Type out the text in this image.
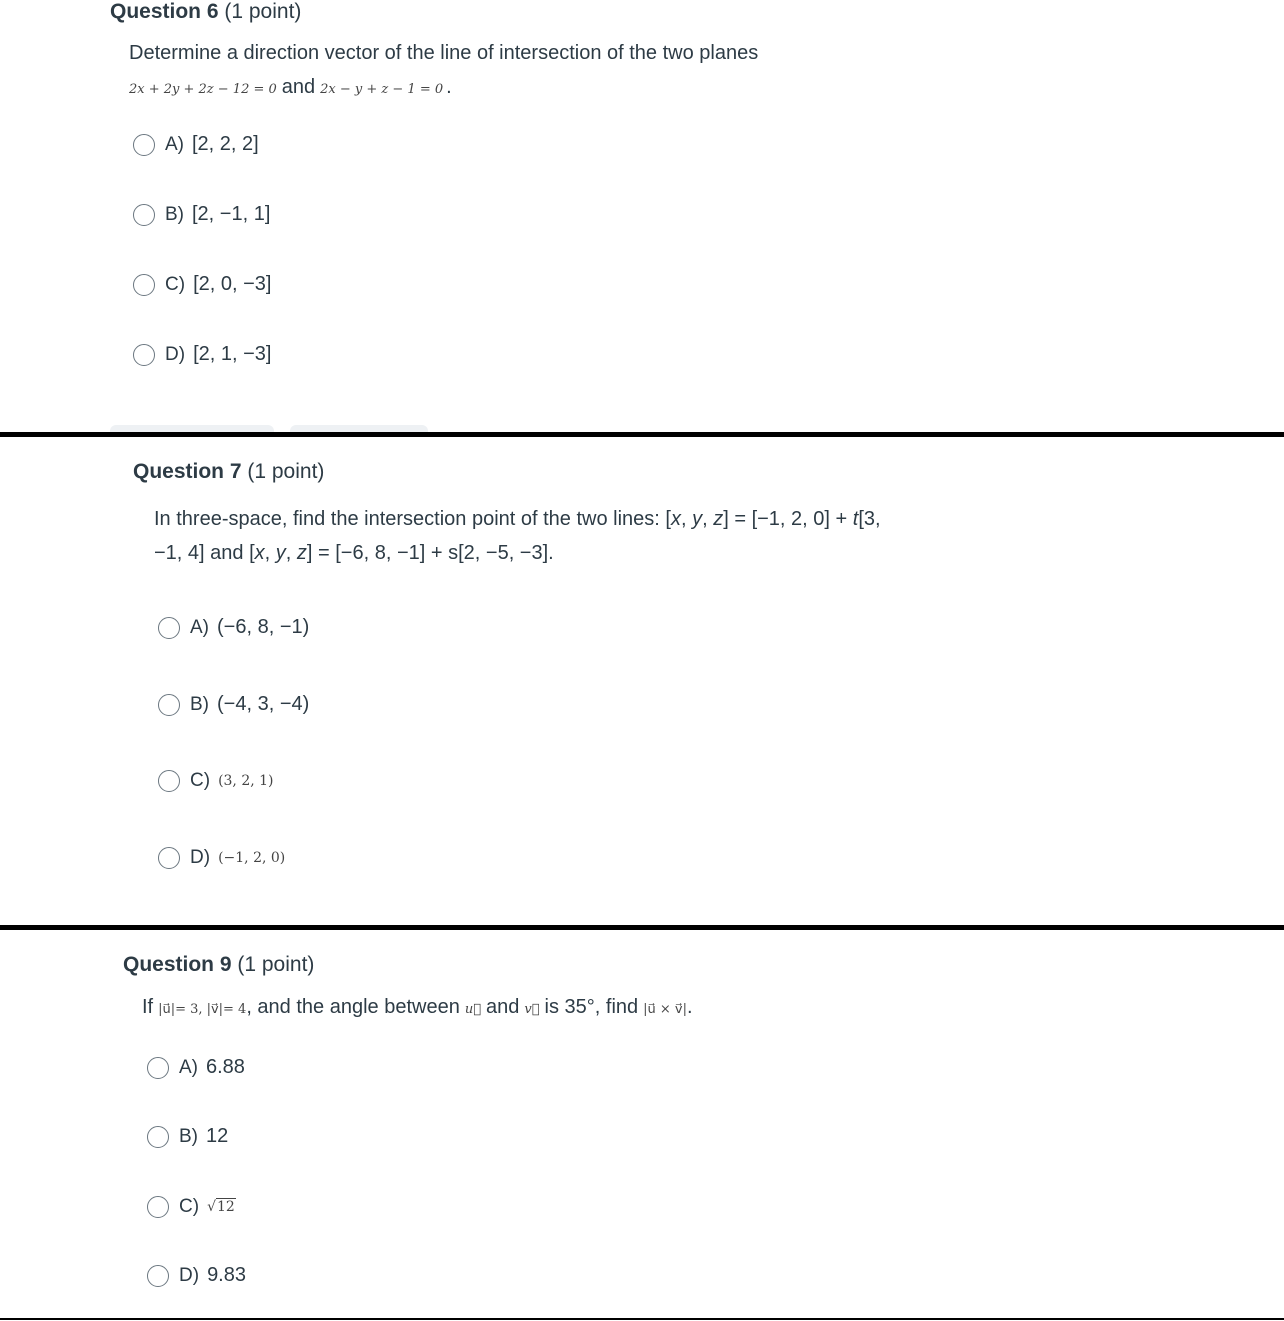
Question 6 (1 point)
Determine a direction vector of the line of intersection of the two planes
2x + 2y + 2z − 12 = 0 and 2x − y + z − 1 = 0 .
A) [2, 2, 2]
B) [2, −1, 1]
C) [2, 0, −3]
D) [2, 1, −3]
Question 7 (1 point)
In three-space, find the intersection point of the two lines: [x, y, z] = [−1, 2, 0] + t[3,
−1, 4] and [x, y, z] = [−6, 8, −1] + s[2, −5, −3].
A) (−6, 8, −1)
B) (−4, 3, −4)
C) (3, 2, 1)
D) (−1, 2, 0)
Question 9 (1 point)
If |u⃗|= 3, |v⃗|= 4 , and the angle between u⃗ and v⃗ is 35°, find |u⃗ × v⃗| .
A) 6.88
B) 12
C) √12
D) 9.83
